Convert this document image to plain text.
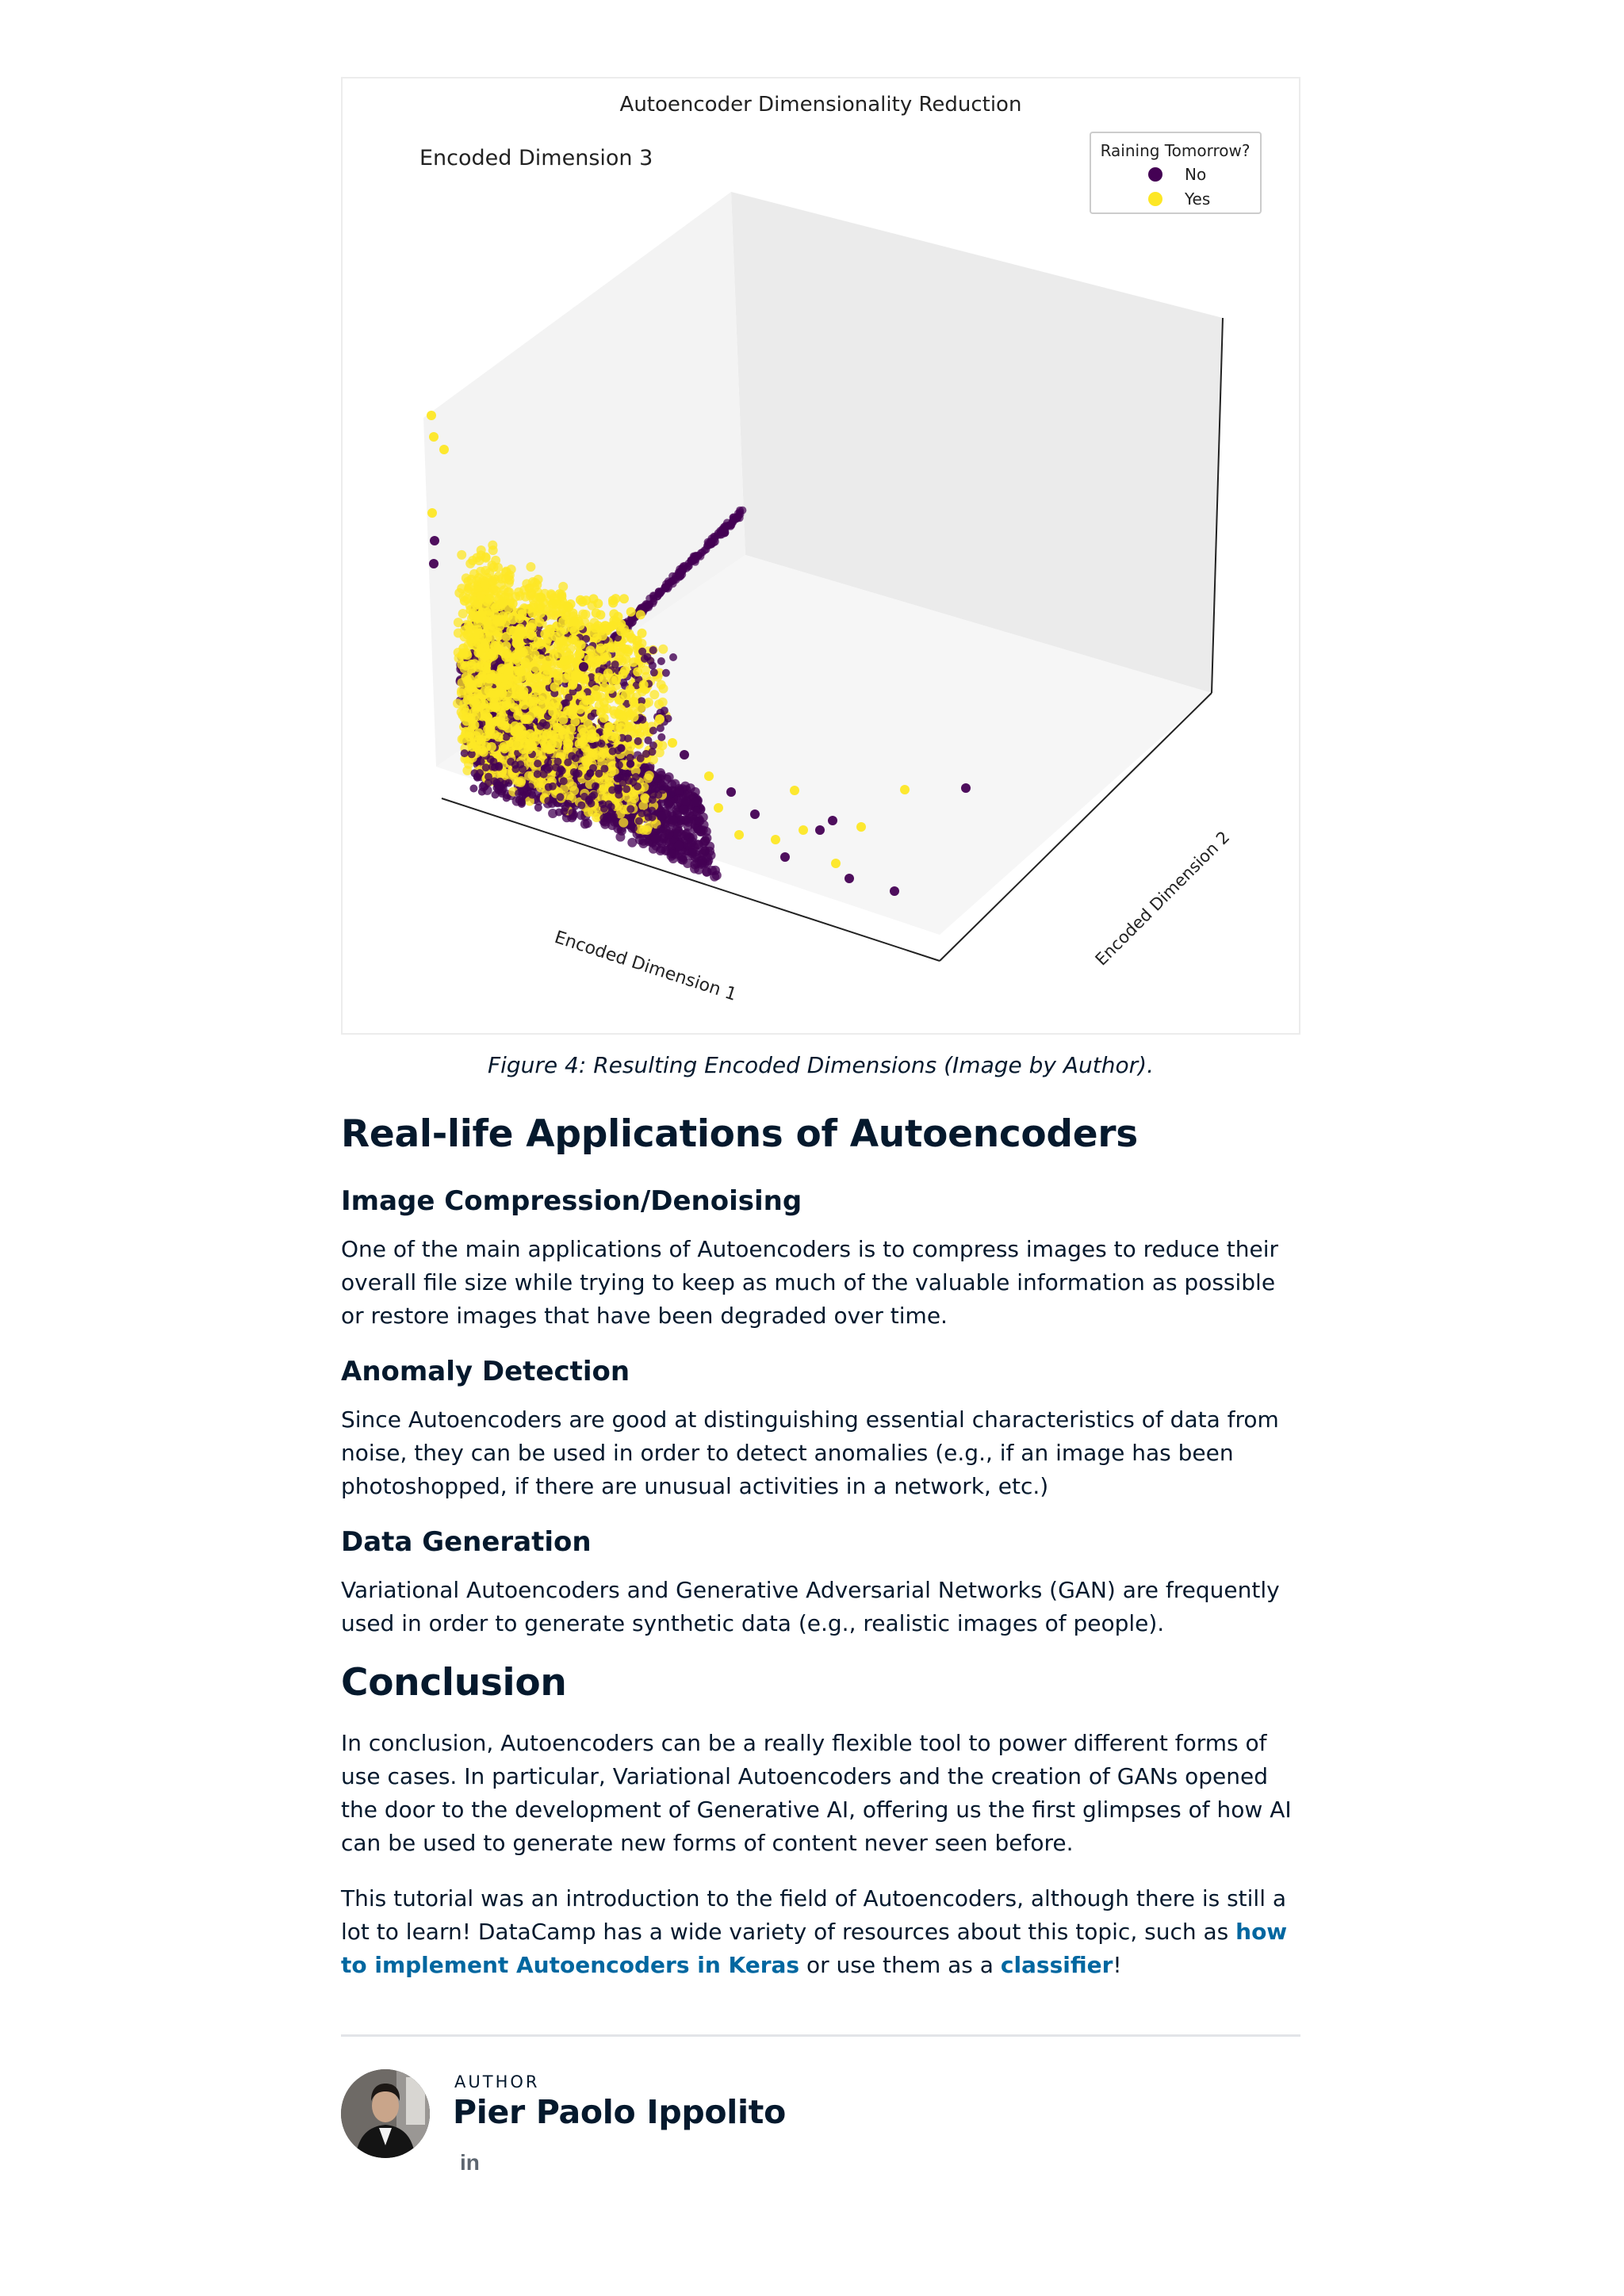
Autoencoder Dimensionality Reduction
Encoded Dimension 3
Encoded Dimension 1	Encoded Dimension 2
Raining Tomorrow?
No
Yes
Figure 4: Resulting Encoded Dimensions (Image by Author).
Real-life Applications of Autoencoders
Image Compression/Denoising

One of the main applications of Autoencoders is to compress images to reduce their overall file size while trying to keep as much of the valuable information as possible or restore images that have been degraded over time.

Anomaly Detection

Since Autoencoders are good at distinguishing essential characteristics of data from noise, they can be used in order to detect anomalies (e.g., if an image has been photoshopped, if there are unusual activities in a network, etc.)

Data Generation

Variational Autoencoders and Generative Adversarial Networks (GAN) are frequently used in order to generate synthetic data (e.g., realistic images of people).

Conclusion

In conclusion, Autoencoders can be a really flexible tool to power different forms of use cases. In particular, Variational Autoencoders and the creation of GANs opened the door to the development of Generative AI, offering us the first glimpses of how AI can be used to generate new forms of content never seen before.

This tutorial was an introduction to the field of Autoencoders, although there is still a lot to learn! DataCamp has a wide variety of resources about this topic, such as how to implement Autoencoders in Keras or use them as a classifier!

AUTHOR
Pier Paolo Ippolito
in
